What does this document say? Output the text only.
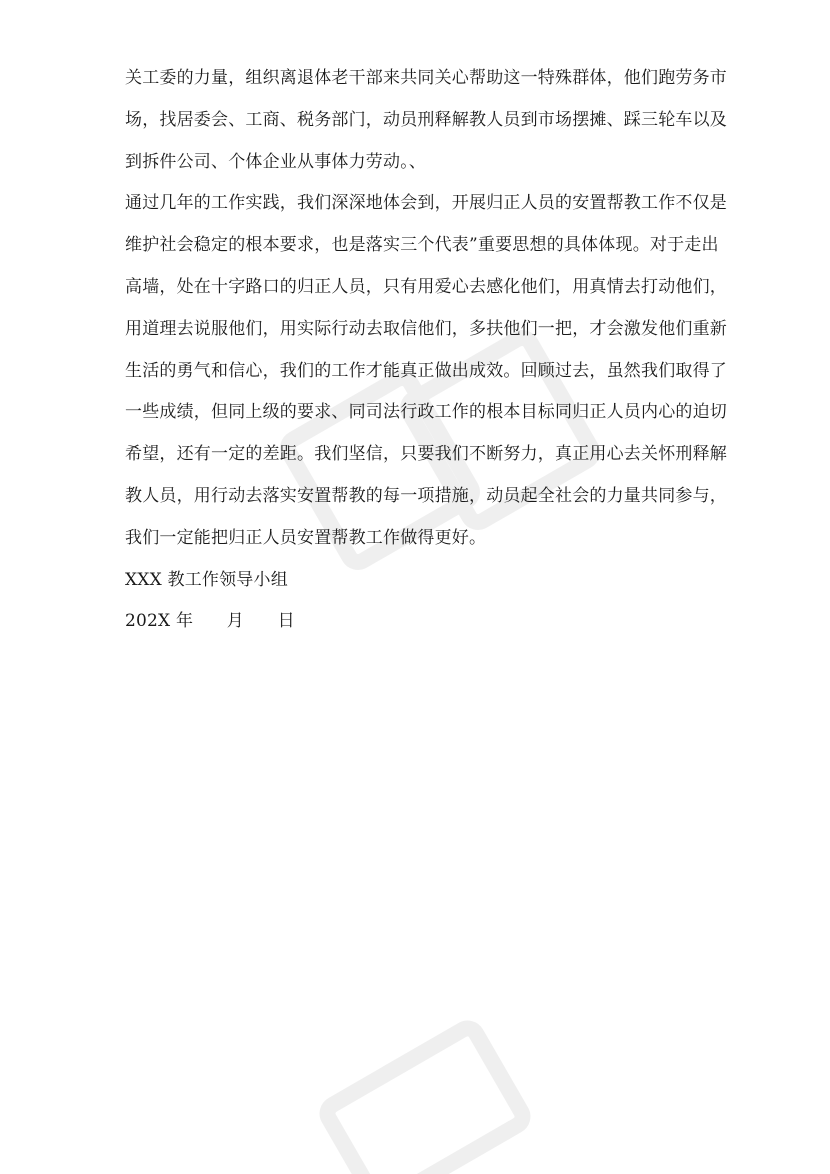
关工委的力量，组织离退体老干部来共同关心帮助这一特殊群体，他们跑劳务市
场，找居委会、工商、税务部门，动员刑释解教人员到市场摆摊、踩三轮车以及
到拆件公司、个体企业从事体力劳动。、

通过几年的工作实践，我们深深地体会到，开展归正人员的安置帮教工作不仅是
维护社会稳定的根本要求，也是落实三个代表”重要思想的具体体现。对于走出
高墙，处在十字路口的归正人员，只有用爱心去感化他们，用真情去打动他们，
用道理去说服他们，用实际行动去取信他们，多扶他们一把，才会激发他们重新
生活的勇气和信心，我们的工作才能真正做出成效。回顾过去，虽然我们取得了
一些成绩，但同上级的要求、同司法行政工作的根本目标同归正人员内心的迫切
希望，还有一定的差距。我们坚信，只要我们不断努力，真正用心去关怀刑释解
教人员，用行动去落实安置帮教的每一项措施，动员起全社会的力量共同参与，
我们一定能把归正人员安置帮教工作做得更好。

XXX 教工作领导小组

202X 年      月      日
